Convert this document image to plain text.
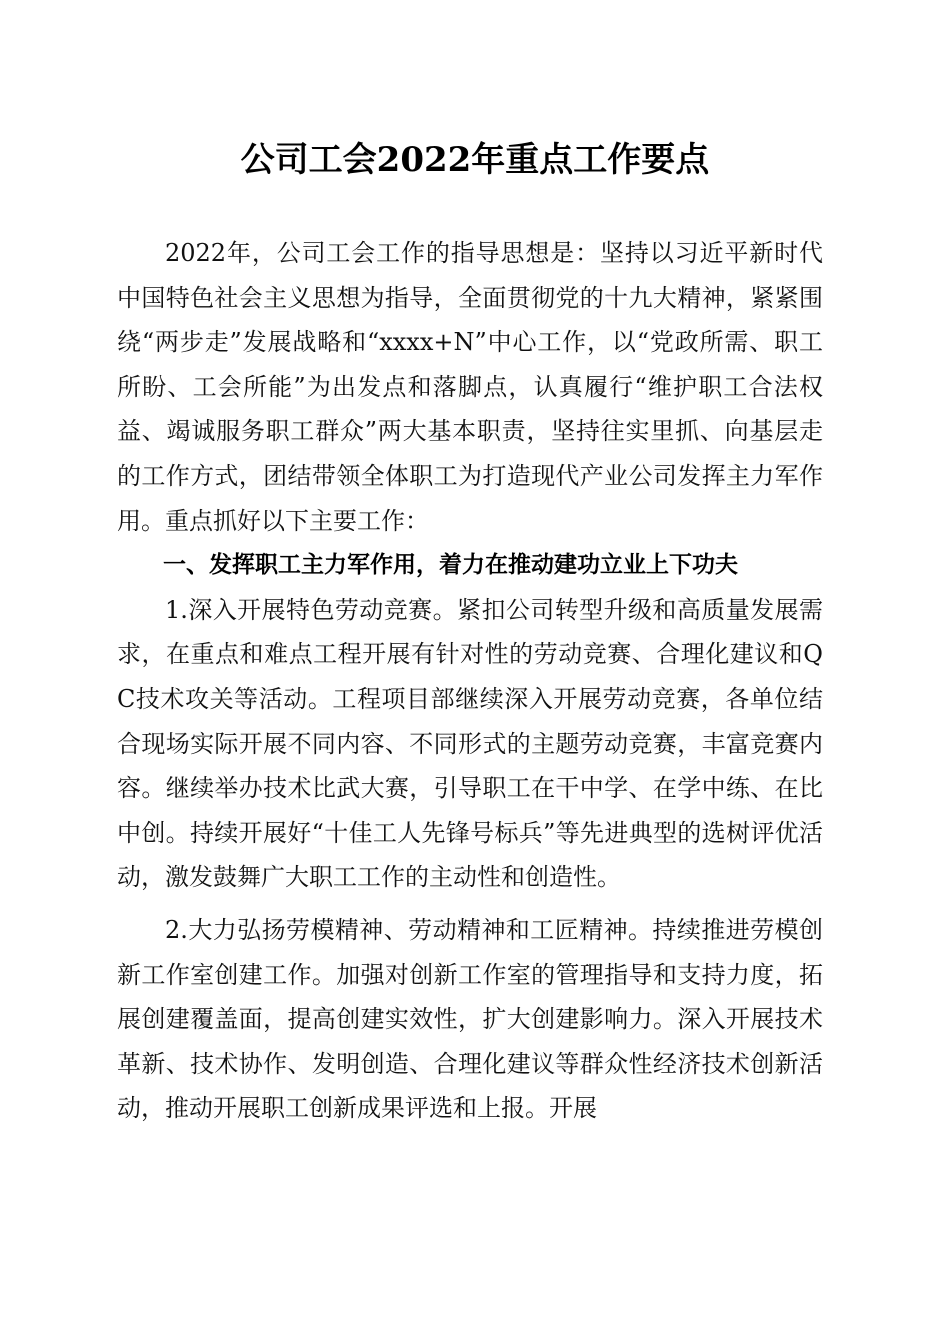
公司工会2022年重点工作要点

2022年，公司工会工作的指导思想是：坚持以习近平新时代中国特色社会主义思想为指导，全面贯彻党的十九大精神，紧紧围绕“两步走”发展战略和“xxxx+N”中心工作，以“党政所需、职工所盼、工会所能”为出发点和落脚点，认真履行“维护职工合法权益、竭诚服务职工群众”两大基本职责，坚持往实里抓、向基层走的工作方式，团结带领全体职工为打造现代产业公司发挥主力军作用。重点抓好以下主要工作：

一、发挥职工主力军作用，着力在推动建功立业上下功夫

1.深入开展特色劳动竞赛。紧扣公司转型升级和高质量发展需求，在重点和难点工程开展有针对性的劳动竞赛、合理化建议和QC技术攻关等活动。工程项目部继续深入开展劳动竞赛，各单位结合现场实际开展不同内容、不同形式的主题劳动竞赛，丰富竞赛内容。继续举办技术比武大赛，引导职工在干中学、在学中练、在比中创。持续开展好“十佳工人先锋号标兵”等先进典型的选树评优活动，激发鼓舞广大职工工作的主动性和创造性。

2.大力弘扬劳模精神、劳动精神和工匠精神。持续推进劳模创新工作室创建工作。加强对创新工作室的管理指导和支持力度，拓展创建覆盖面，提高创建实效性，扩大创建影响力。深入开展技术革新、技术协作、发明创造、合理化建议等群众性经济技术创新活动，推动开展职工创新成果评选和上报。开展
